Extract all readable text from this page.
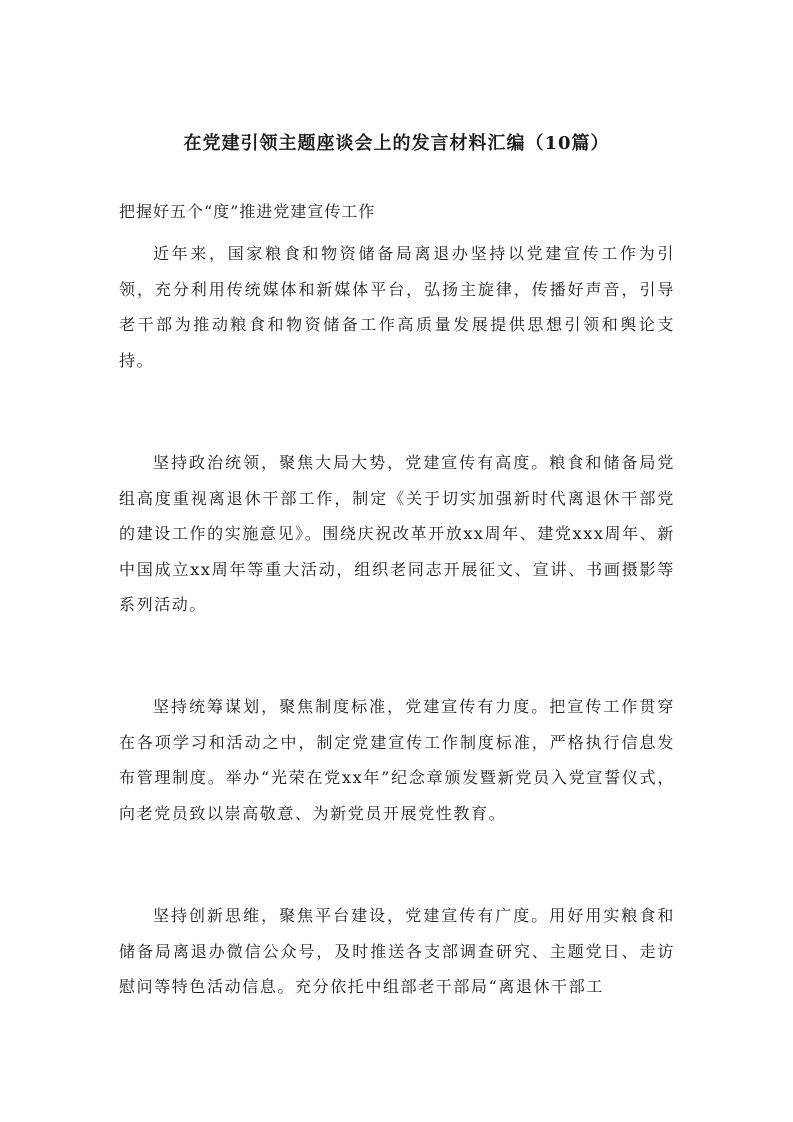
在党建引领主题座谈会上的发言材料汇编（10篇）

把握好五个“度”推进党建宣传工作

近年来，国家粮食和物资储备局离退办坚持以党建宣传工作为引领，充分利用传统媒体和新媒体平台，弘扬主旋律，传播好声音，引导老干部为推动粮食和物资储备工作高质量发展提供思想引领和舆论支持。

坚持政治统领，聚焦大局大势，党建宣传有高度。粮食和储备局党组高度重视离退休干部工作，制定《关于切实加强新时代离退休干部党的建设工作的实施意见》。围绕庆祝改革开放xx周年、建党xxx周年、新中国成立xx周年等重大活动，组织老同志开展征文、宣讲、书画摄影等系列活动。

坚持统筹谋划，聚焦制度标准，党建宣传有力度。把宣传工作贯穿在各项学习和活动之中，制定党建宣传工作制度标准，严格执行信息发布管理制度。举办“光荣在党xx年”纪念章颁发暨新党员入党宣誓仪式，向老党员致以崇高敬意、为新党员开展党性教育。

坚持创新思维，聚焦平台建设，党建宣传有广度。用好用实粮食和储备局离退办微信公众号，及时推送各支部调查研究、主题党日、走访慰问等特色活动信息。充分依托中组部老干部局“离退休干部工
